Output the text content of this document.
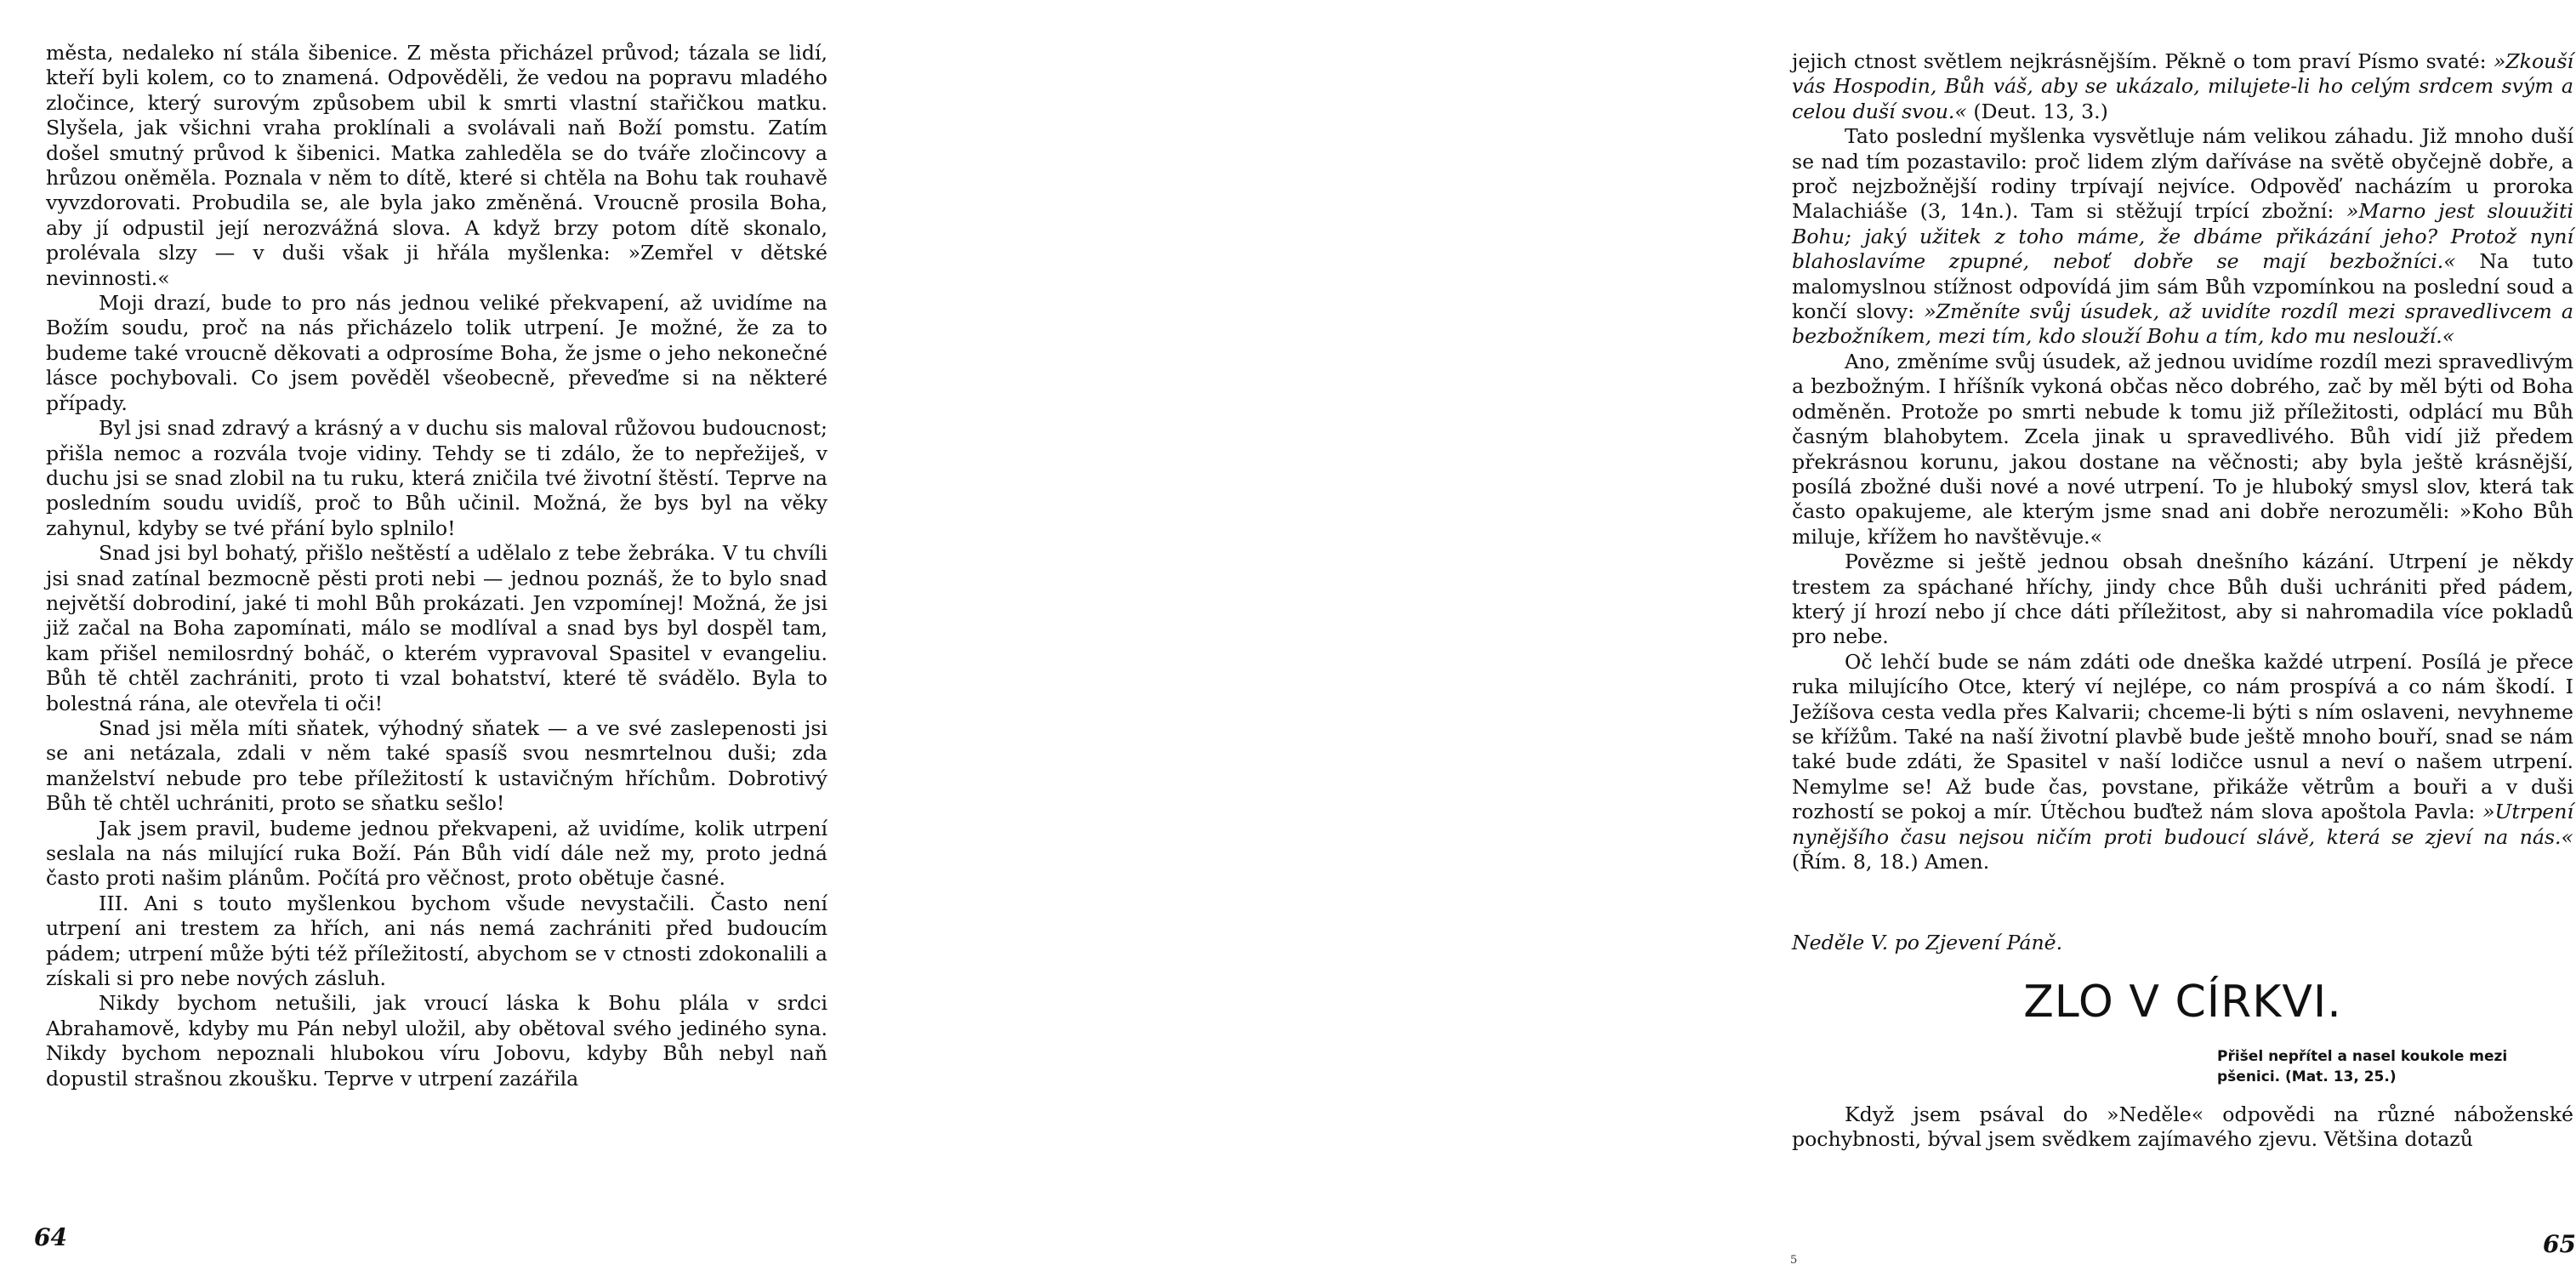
města, nedaleko ní stála šibenice. Z města přicházel průvod; tázala se lidí, kteří byli kolem, co to znamená. Odpověděli, že vedou na popravu mladého zločince, který surovým způsobem ubil k smrti vlastní stařičkou matku. Slyšela, jak všichni vraha proklínali a svolávali naň Boží pomstu. Zatím došel smutný průvod k šibenici. Matka zahleděla se do tváře zločincovy a hrůzou oněměla. Poznala v něm to dítě, které si chtěla na Bohu tak rouhavě vyvzdorovati. Probudila se, ale byla jako změněná. Vroucně prosila Boha, aby jí odpustil její nerozvážná slova. A když brzy potom dítě skonalo, prolévala slzy — v duši však ji hřála myšlenka: »Zemřel v dětské nevinnosti.«

Moji drazí, bude to pro nás jednou veliké překvapení, až uvidíme na Božím soudu, proč na nás přicházelo tolik utrpení. Je možné, že za to budeme také vroucně děkovati a odprosíme Boha, že jsme o jeho nekonečné lásce pochybovali. Co jsem pověděl všeobecně, převeďme si na některé případy.

Byl jsi snad zdravý a krásný a v duchu sis maloval růžovou budoucnost; přišla nemoc a rozvála tvoje vidiny. Tehdy se ti zdálo, že to nepřežiješ, v duchu jsi se snad zlobil na tu ruku, která zničila tvé životní štěstí. Teprve na posledním soudu uvidíš, proč to Bůh učinil. Možná, že bys byl na věky zahynul, kdyby se tvé přání bylo splnilo!

Snad jsi byl bohatý, přišlo neštěstí a udělalo z tebe žebráka. V tu chvíli jsi snad zatínal bezmocně pěsti proti nebi — jednou poznáš, že to bylo snad největší dobrodiní, jaké ti mohl Bůh prokázati. Jen vzpomínej! Možná, že jsi již začal na Boha zapomínati, málo se modlíval a snad bys byl dospěl tam, kam přišel nemilosrdný boháč, o kterém vypravoval Spasitel v evangeliu. Bůh tě chtěl zachrániti, proto ti vzal bohatství, které tě svádělo. Byla to bolestná rána, ale otevřela ti oči!

Snad jsi měla míti sňatek, výhodný sňatek — a ve své zaslepenosti jsi se ani netázala, zdali v něm také spasíš svou nesmrtelnou duši; zda manželství nebude pro tebe příležitostí k ustavičným hříchům. Dobrotivý Bůh tě chtěl uchrániti, proto se sňatku sešlo!

Jak jsem pravil, budeme jednou překvapeni, až uvidíme, kolik utrpení seslala na nás milující ruka Boží. Pán Bůh vidí dále než my, proto jedná často proti našim plánům. Počítá pro věčnost, proto obětuje časné.

III. Ani s touto myšlenkou bychom všude nevystačili. Často není utrpení ani trestem za hřích, ani nás nemá zachrániti před budoucím pádem; utrpení může býti též příležitostí, abychom se v ctnosti zdokonalili a získali si pro nebe nových zásluh.

Nikdy bychom netušili, jak vroucí láska k Bohu plála v srdci Abrahamově, kdyby mu Pán nebyl uložil, aby obětoval svého jediného syna. Nikdy bychom nepoznali hlubokou víru Jobovu, kdyby Bůh nebyl naň dopustil strašnou zkoušku. Teprve v utrpení zazářila

64

jejich ctnost světlem nejkrásnějším. Pěkně o tom praví Písmo svaté: »Zkouší vás Hospodin, Bůh váš, aby se ukázalo, milujete-li ho celým srdcem svým a celou duší svou.« (Deut. 13, 3.)

Tato poslední myšlenka vysvětluje nám velikou záhadu. Již mnoho duší se nad tím pozastavilo: proč lidem zlým daříváse na světě obyčejně dobře, a proč nejzbožnější rodiny trpívají nejvíce. Odpověď nacházím u proroka Malachiáše (3, 14n.). Tam si stěžují trpící zbožní: »Marno jest slouužiti Bohu; jaký užitek z toho máme, že dbáme přikázání jeho? Protož nyní blahoslavíme zpupné, neboť dobře se mají bezbožníci.« Na tuto malomyslnou stížnost odpovídá jim sám Bůh vzpomínkou na poslední soud a končí slovy: »Změníte svůj úsudek, až uvidíte rozdíl mezi spravedlivcem a bezbožníkem, mezi tím, kdo slouží Bohu a tím, kdo mu neslouží.«

Ano, změníme svůj úsudek, až jednou uvidíme rozdíl mezi spravedlivým a bezbožným. I hříšník vykoná občas něco dobrého, zač by měl býti od Boha odměněn. Protože po smrti nebude k tomu již příležitosti, odplácí mu Bůh časným blahobytem. Zcela jinak u spravedlivého. Bůh vidí již předem překrásnou korunu, jakou dostane na věčnosti; aby byla ještě krásnější, posílá zbožné duši nové a nové utrpení. To je hluboký smysl slov, která tak často opakujeme, ale kterým jsme snad ani dobře nerozuměli: »Koho Bůh miluje, křížem ho navštěvuje.«

Povězme si ještě jednou obsah dnešního kázání. Utrpení je někdy trestem za spáchané hříchy, jindy chce Bůh duši uchrániti před pádem, který jí hrozí nebo jí chce dáti příležitost, aby si nahromadila více pokladů pro nebe.

Oč lehčí bude se nám zdáti ode dneška každé utrpení. Posílá je přece ruka milujícího Otce, který ví nejlépe, co nám prospívá a co nám škodí. I Ježíšova cesta vedla přes Kalvarii; chceme-li býti s ním oslaveni, nevyhneme se křížům. Také na naší životní plavbě bude ještě mnoho bouří, snad se nám také bude zdáti, že Spasitel v naší lodičce usnul a neví o našem utrpení. Nemylme se! Až bude čas, povstane, přikáže větrům a bouři a v duši rozhostí se pokoj a mír. Útěchou buďtež nám slova apoštola Pavla: »Utrpení nynějšího času nejsou ničím proti budoucí slávě, která se zjeví na nás.« (Řím. 8, 18.) Amen.

Neděle V. po Zjevení Páně.

ZLO V CÍRKVI.
Přišel nepřítel a nasel koukole mezi pšenici. (Mat. 13, 25.)

Když jsem psával do »Neděle« odpovědi na různé náboženské pochybnosti, býval jsem svědkem zajímavého zjevu. Většina dotazů

5
65
